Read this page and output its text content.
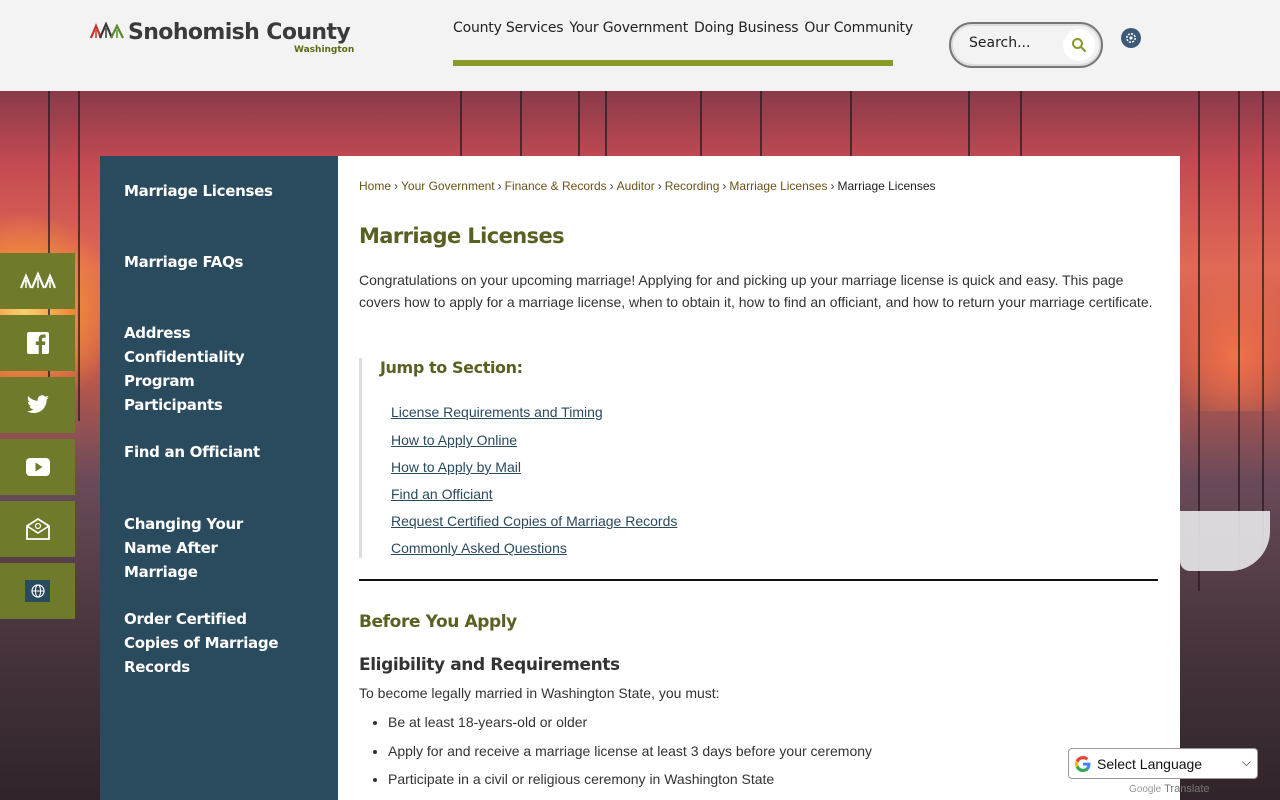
Snohomish County
Washington
County Services Your Government Doing Business Our Community
Search...
Marriage Licenses
Marriage FAQs
Address Confidentiality Program Participants
Find an Officiant
Changing Your Name After Marriage
Order Certified Copies of Marriage Records
Home › Your Government › Finance & Records › Auditor › Recording › Marriage Licenses › Marriage Licenses
Marriage Licenses

Congratulations on your upcoming marriage! Applying for and picking up your marriage license is quick and easy. This page covers how to apply for a marriage license, when to obtain it, how to find an officiant, and how to return your marriage certificate.

Jump to Section:
License Requirements and Timing
How to Apply Online
How to Apply by Mail
Find an Officiant
Request Certified Copies of Marriage Records
Commonly Asked Questions
Before You Apply
Eligibility and Requirements

To become legally married in Washington State, you must:

• Be at least 18-years-old or older
• Apply for and receive a marriage license at least 3 days before your ceremony
• Participate in a civil or religious ceremony in Washington State
Select Language	⌵
Google Translate
